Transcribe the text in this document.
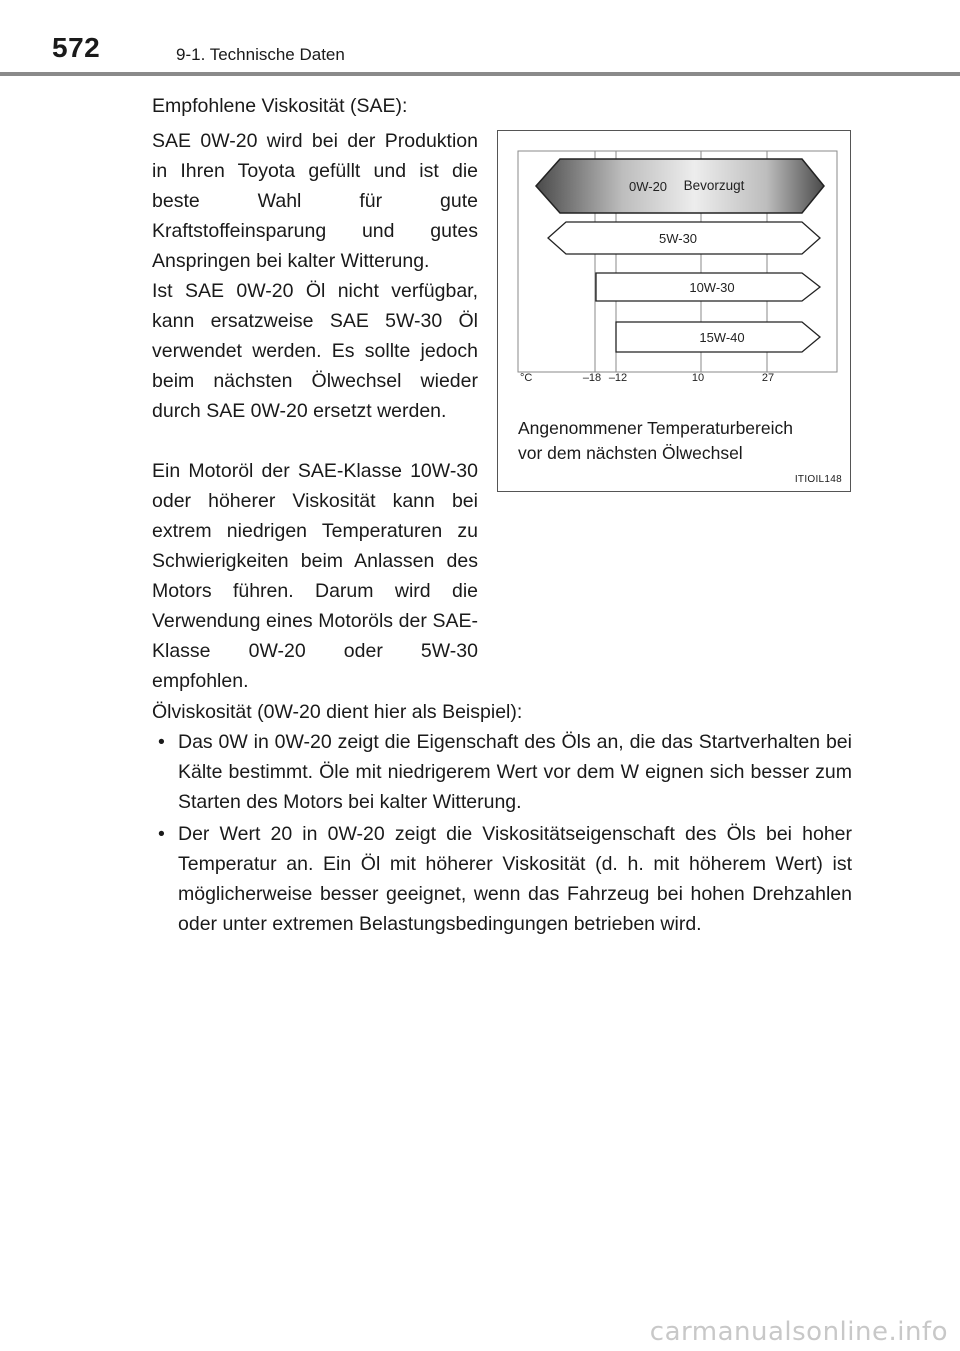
572	9-1. Technische Daten

Empfohlene Viskosität (SAE):

SAE 0W-20 wird bei der Produktion in Ihren Toyota gefüllt und ist die beste Wahl für gute Kraftstoffeinsparung und gutes Anspringen bei kalter Witterung.

Ist SAE 0W-20 Öl nicht verfügbar, kann ersatzweise SAE 5W-30 Öl verwendet werden. Es sollte jedoch beim nächsten Ölwechsel wieder durch SAE 0W-20 ersetzt werden.

Ein Motoröl der SAE-Klasse 10W-30 oder höherer Viskosität kann bei extrem niedrigen Temperaturen zu Schwierigkeiten beim Anlassen des Motors führen. Darum wird die Verwendung eines Motoröls der SAE-Klasse 0W-20 oder 5W-30 empfohlen.

0W-20 Bevorzugt
5W-30
10W-30
15W-40
°C	–18 –12	10	27

Angenommener Temperaturbereich
vor dem nächsten Ölwechsel

ITIOIL148

Ölviskosität (0W-20 dient hier als Beispiel):

• Das 0W in 0W-20 zeigt die Eigenschaft des Öls an, die das Startverhalten bei Kälte bestimmt. Öle mit niedrigerem Wert vor dem W eignen sich besser zum Starten des Motors bei kalter Witterung.
• Der Wert 20 in 0W-20 zeigt die Viskositätseigenschaft des Öls bei hoher Temperatur an. Ein Öl mit höherer Viskosität (d. h. mit höherem Wert) ist möglicherweise besser geeignet, wenn das Fahrzeug bei hohen Drehzahlen oder unter extremen Belastungsbedingungen betrieben wird.
carmanualsonline.info
